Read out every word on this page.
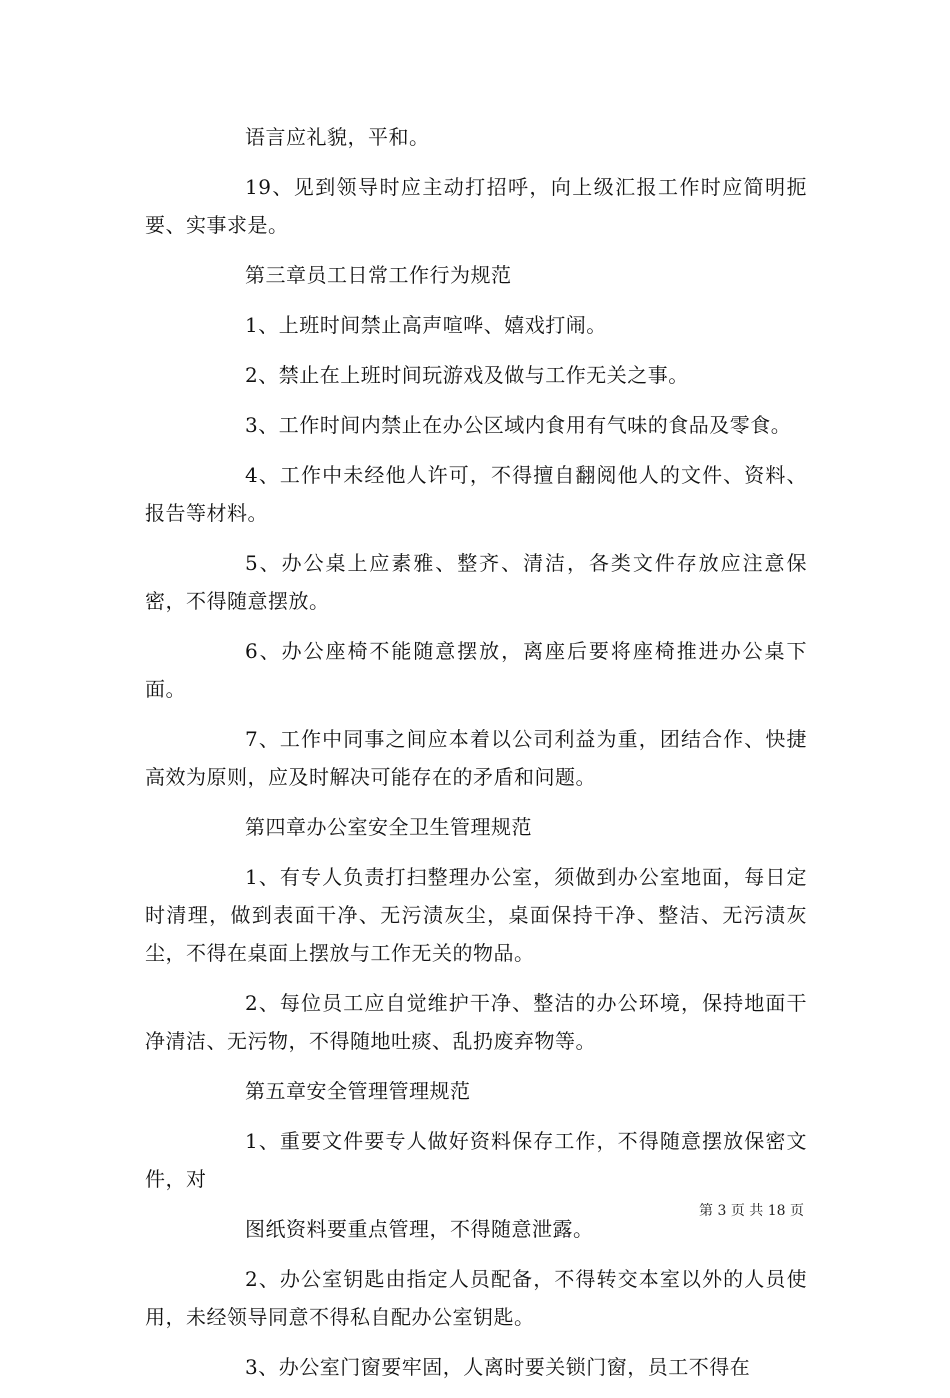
语言应礼貌，平和。

19、见到领导时应主动打招呼，向上级汇报工作时应简明扼要、实事求是。

第三章员工日常工作行为规范

1、上班时间禁止高声喧哗、嬉戏打闹。

2、禁止在上班时间玩游戏及做与工作无关之事。

3、工作时间内禁止在办公区域内食用有气味的食品及零食。

4、工作中未经他人许可，不得擅自翻阅他人的文件、资料、报告等材料。

5、办公桌上应素雅、整齐、清洁，各类文件存放应注意保密，不得随意摆放。

6、办公座椅不能随意摆放，离座后要将座椅推进办公桌下面。

7、工作中同事之间应本着以公司利益为重，团结合作、快捷高效为原则，应及时解决可能存在的矛盾和问题。

第四章办公室安全卫生管理规范

1、有专人负责打扫整理办公室，须做到办公室地面，每日定时清理，做到表面干净、无污渍灰尘，桌面保持干净、整洁、无污渍灰尘，不得在桌面上摆放与工作无关的物品。

2、每位员工应自觉维护干净、整洁的办公环境，保持地面干净清洁、无污物，不得随地吐痰、乱扔废弃物等。

第五章安全管理管理规范

1、重要文件要专人做好资料保存工作，不得随意摆放保密文件，对

图纸资料要重点管理，不得随意泄露。

2、办公室钥匙由指定人员配备，不得转交本室以外的人员使用，未经领导同意不得私自配办公室钥匙。

3、办公室门窗要牢固，人离时要关锁门窗，员工不得在

第 3 页 共 18 页
